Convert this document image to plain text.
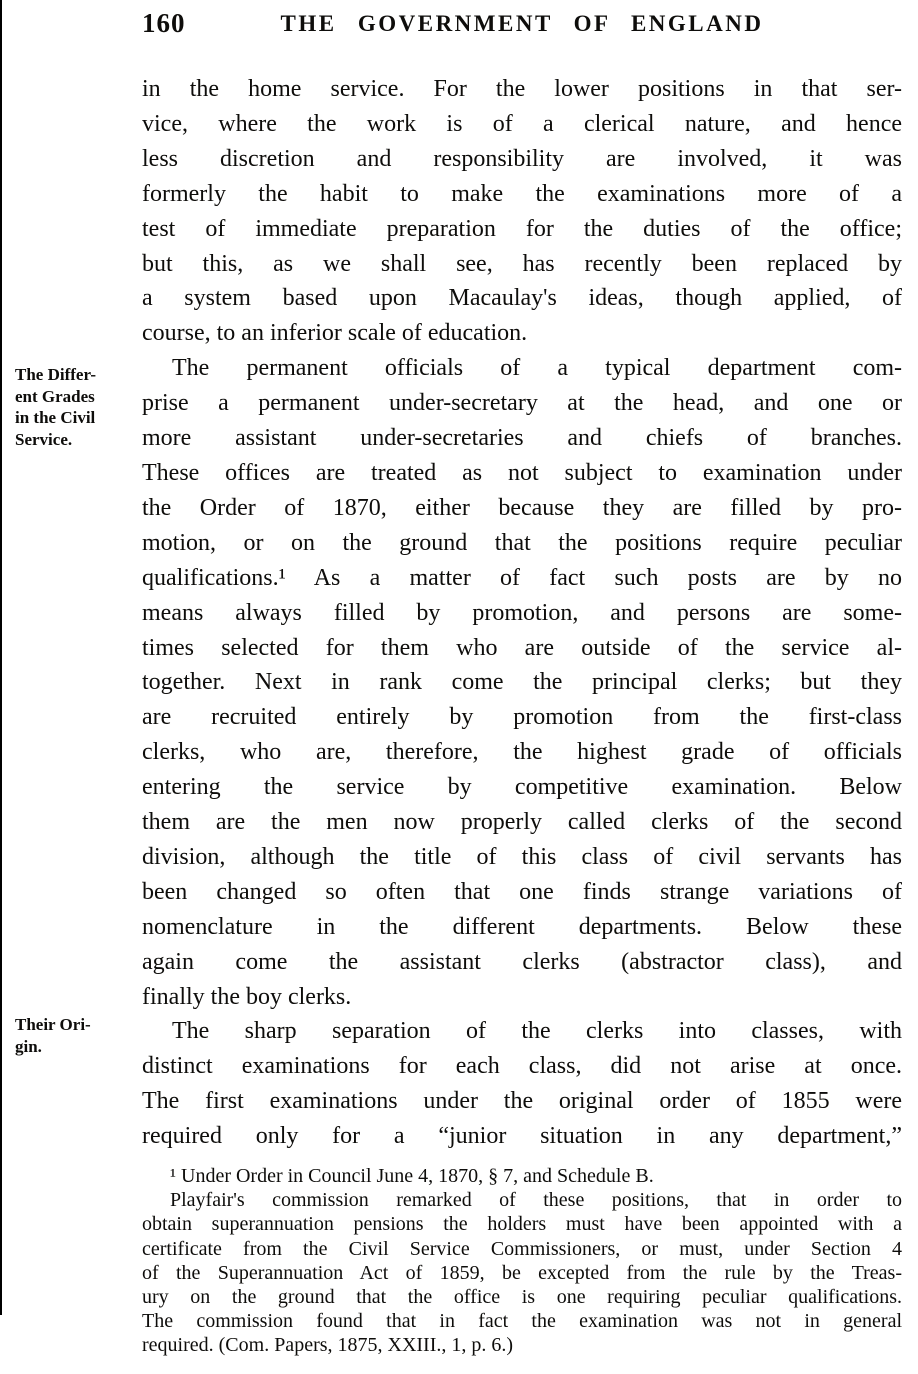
160	THE GOVERNMENT OF ENGLAND
The Differ-
ent Grades
in the Civil
Service.
Their Ori-
gin.
in the home service. For the lower positions in that ser-
vice, where the work is of a clerical nature, and hence
less discretion and responsibility are involved, it was
formerly the habit to make the examinations more of a
test of immediate preparation for the duties of the office;
but this, as we shall see, has recently been replaced by
a system based upon Macaulay's ideas, though applied, of
course, to an inferior scale of education.
The permanent officials of a typical department com-
prise a permanent under-secretary at the head, and one or
more assistant under-secretaries and chiefs of branches.
These offices are treated as not subject to examination under
the Order of 1870, either because they are filled by pro-
motion, or on the ground that the positions require peculiar
qualifications.¹ As a matter of fact such posts are by no
means always filled by promotion, and persons are some-
times selected for them who are outside of the service al-
together. Next in rank come the principal clerks; but they
are recruited entirely by promotion from the first-class
clerks, who are, therefore, the highest grade of officials
entering the service by competitive examination. Below
them are the men now properly called clerks of the second
division, although the title of this class of civil servants has
been changed so often that one finds strange variations of
nomenclature in the different departments. Below these
again come the assistant clerks (abstractor class), and
finally the boy clerks.
The sharp separation of the clerks into classes, with
distinct examinations for each class, did not arise at once.
The first examinations under the original order of 1855 were
required only for a “junior situation in any department,”
¹ Under Order in Council June 4, 1870, § 7, and Schedule B.
Playfair's commission remarked of these positions, that in order to
obtain superannuation pensions the holders must have been appointed with a
certificate from the Civil Service Commissioners, or must, under Section 4
of the Superannuation Act of 1859, be excepted from the rule by the Treas-
ury on the ground that the office is one requiring peculiar qualifications.
The commission found that in fact the examination was not in general
required. (Com. Papers, 1875, XXIII., 1, p. 6.)
